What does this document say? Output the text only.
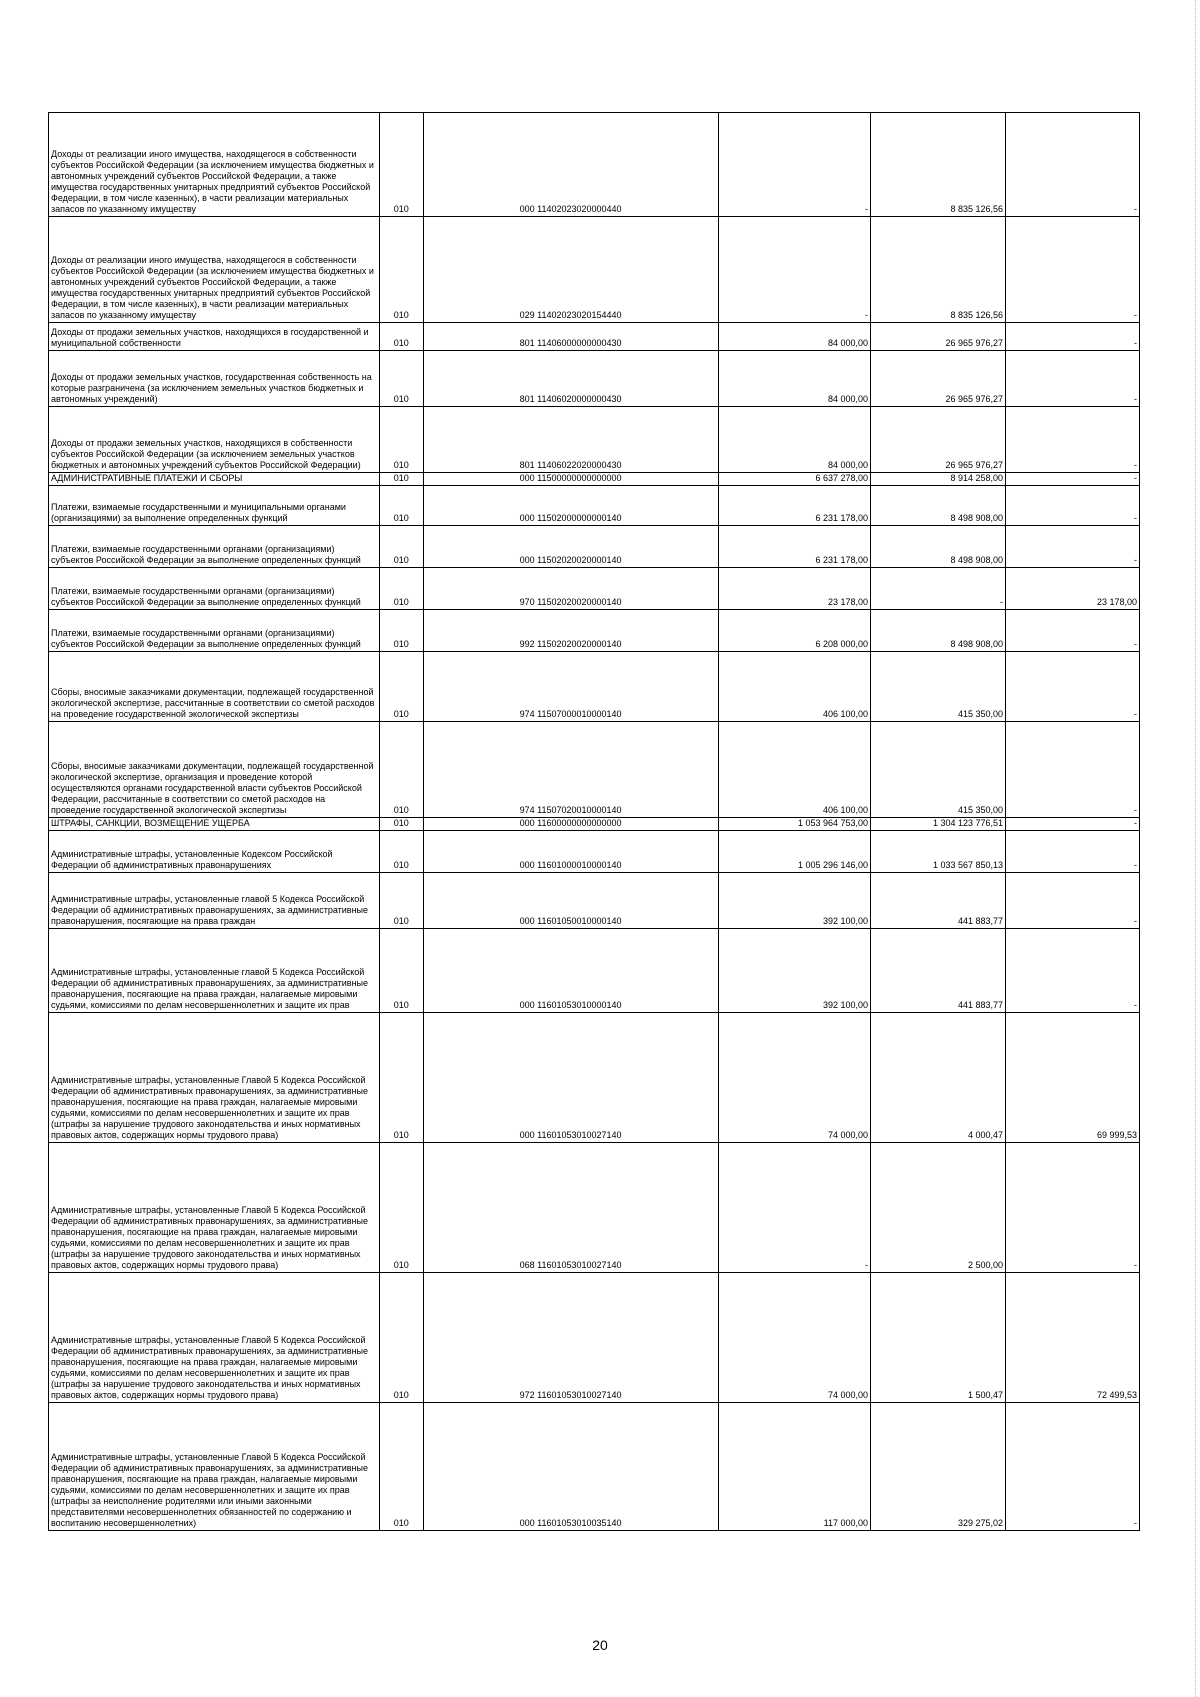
Доходы от реализации иного имущества, находящегося в собственности субъектов Российской Федерации (за исключением имущества бюджетных и автономных учреждений субъектов Российской Федерации, а также имущества государственных унитарных предприятий субъектов Российской Федерации, в том числе казенных), в части реализации материальных запасов по указанному имуществу	010	000 11402023020000440	-	8 835 126,56	-
Доходы от реализации иного имущества, находящегося в собственности субъектов Российской Федерации (за исключением имущества бюджетных и автономных учреждений субъектов Российской Федерации, а также имущества государственных унитарных предприятий субъектов Российской Федерации, в том числе казенных), в части реализации материальных запасов по указанному имуществу	010	029 11402023020154440	-	8 835 126,56	-
Доходы от продажи земельных участков, находящихся в государственной и муниципальной собственности	010	801 11406000000000430	84 000,00	26 965 976,27	-
Доходы от продажи земельных участков, государственная собственность на которые разграничена (за исключением земельных участков бюджетных и автономных учреждений)	010	801 11406020000000430	84 000,00	26 965 976,27	-
Доходы от продажи земельных участков, находящихся в собственности субъектов Российской Федерации (за исключением земельных участков бюджетных и автономных учреждений субъектов Российской Федерации)	010	801 11406022020000430	84 000,00	26 965 976,27	-
АДМИНИСТРАТИВНЫЕ ПЛАТЕЖИ И СБОРЫ	010	000 11500000000000000	6 637 278,00	8 914 258,00	-
Платежи, взимаемые государственными и муниципальными органами (организациями) за выполнение определенных функций	010	000 11502000000000140	6 231 178,00	8 498 908,00	-
Платежи, взимаемые государственными органами (организациями) субъектов Российской Федерации за выполнение определенных функций	010	000 11502020020000140	6 231 178,00	8 498 908,00	-
Платежи, взимаемые государственными органами (организациями) субъектов Российской Федерации за выполнение определенных функций	010	970 11502020020000140	23 178,00	-	23 178,00
Платежи, взимаемые государственными органами (организациями) субъектов Российской Федерации за выполнение определенных функций	010	992 11502020020000140	6 208 000,00	8 498 908,00	-
Сборы, вносимые заказчиками документации, подлежащей государственной экологической экспертизе, рассчитанные в соответствии со сметой расходов на проведение государственной экологической экспертизы	010	974 11507000010000140	406 100,00	415 350,00	-
Сборы, вносимые заказчиками документации, подлежащей государственной экологической экспертизе, организация и проведение которой осуществляются органами государственной власти субъектов Российской Федерации, рассчитанные в соответствии со сметой расходов на проведение государственной экологической экспертизы	010	974 11507020010000140	406 100,00	415 350,00	-
ШТРАФЫ, САНКЦИИ, ВОЗМЕЩЕНИЕ УЩЕРБА	010	000 11600000000000000	1 053 964 753,00	1 304 123 776,51	-
Административные штрафы, установленные Кодексом Российской Федерации об административных правонарушениях	010	000 11601000010000140	1 005 296 146,00	1 033 567 850,13	-
Административные штрафы, установленные главой 5 Кодекса Российской Федерации об административных правонарушениях, за административные правонарушения, посягающие на права граждан	010	000 11601050010000140	392 100,00	441 883,77	-
Административные штрафы, установленные главой 5 Кодекса Российской Федерации об административных правонарушениях, за административные правонарушения, посягающие на права граждан, налагаемые мировыми судьями, комиссиями по делам несовершеннолетних и защите их прав	010	000 11601053010000140	392 100,00	441 883,77	-
Административные штрафы, установленные Главой 5 Кодекса Российской Федерации об административных правонарушениях, за административные правонарушения, посягающие на права граждан, налагаемые мировыми судьями, комиссиями по делам несовершеннолетних и защите их прав (штрафы за нарушение трудового законодательства и иных нормативных правовых актов, содержащих нормы трудового права)	010	000 11601053010027140	74 000,00	4 000,47	69 999,53
Административные штрафы, установленные Главой 5 Кодекса Российской Федерации об административных правонарушениях, за административные правонарушения, посягающие на права граждан, налагаемые мировыми судьями, комиссиями по делам несовершеннолетних и защите их прав (штрафы за нарушение трудового законодательства и иных нормативных правовых актов, содержащих нормы трудового права)	010	068 11601053010027140	-	2 500,00	-
Административные штрафы, установленные Главой 5 Кодекса Российской Федерации об административных правонарушениях, за административные правонарушения, посягающие на права граждан, налагаемые мировыми судьями, комиссиями по делам несовершеннолетних и защите их прав (штрафы за нарушение трудового законодательства и иных нормативных правовых актов, содержащих нормы трудового права)	010	972 11601053010027140	74 000,00	1 500,47	72 499,53
Административные штрафы, установленные Главой 5 Кодекса Российской Федерации об административных правонарушениях, за административные правонарушения, посягающие на права граждан, налагаемые мировыми судьями, комиссиями по делам несовершеннолетних и защите их прав (штрафы за неисполнение родителями или иными законными представителями несовершеннолетних обязанностей по содержанию и воспитанию несовершеннолетних)	010	000 11601053010035140	117 000,00	329 275,02	-
20
